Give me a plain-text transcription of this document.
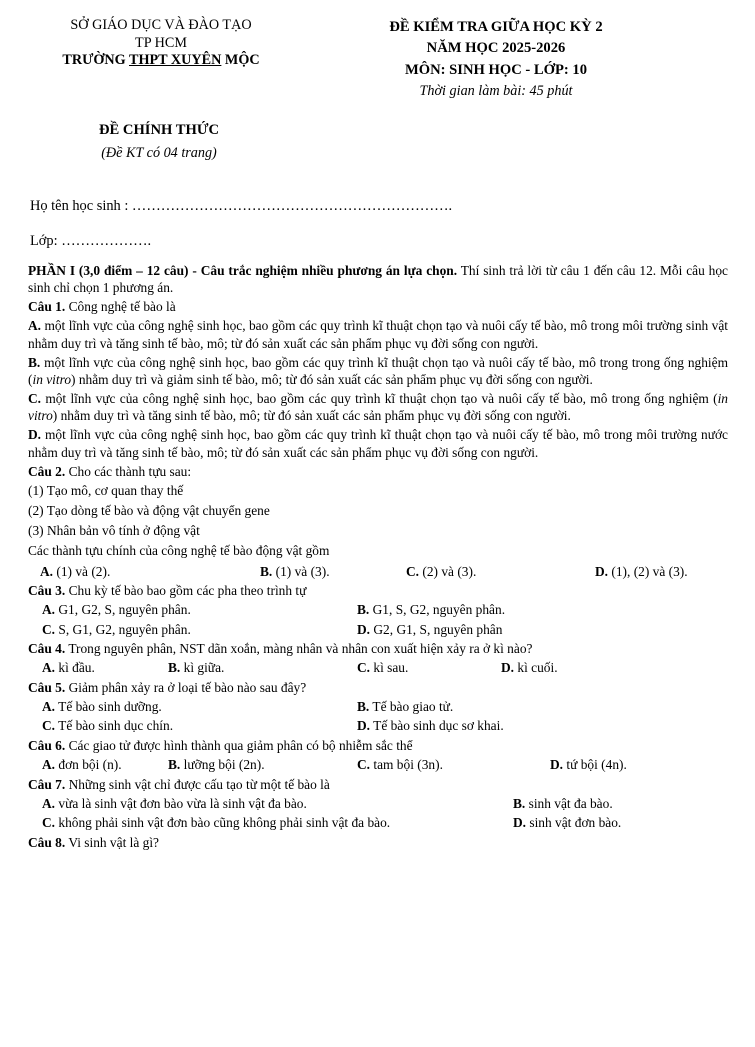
SỞ GIÁO DỤC VÀ ĐÀO TẠO
TP HCM
TRƯỜNG THPT XUYÊN MỘC
ĐỀ KIỂM TRA GIỮA HỌC KỲ 2
NĂM HỌC 2025-2026
MÔN: SINH HỌC - LỚP: 10
Thời gian làm bài: 45 phút
ĐỀ CHÍNH THỨC
(Đề KT có 04 trang)
Họ tên học sinh : ………………………………………………………….
Lớp: ……………….

PHẦN I (3,0 điểm – 12 câu) - Câu trắc nghiệm nhiều phương án lựa chọn. Thí sinh trả lời từ câu 1 đến câu 12. Mỗi câu học sinh chỉ chọn 1 phương án.

Câu 1. Công nghệ tế bào là

A. một lĩnh vực của công nghệ sinh học, bao gồm các quy trình kĩ thuật chọn tạo và nuôi cấy tế bào, mô trong môi trường sinh vật nhằm duy trì và tăng sinh tế bào, mô; từ đó sản xuất các sản phẩm phục vụ đời sống con người.

B. một lĩnh vực của công nghệ sinh học, bao gồm các quy trình kĩ thuật chọn tạo và nuôi cấy tế bào, mô trong trong ống nghiệm (in vitro) nhằm duy trì và giảm sinh tế bào, mô; từ đó sản xuất các sản phẩm phục vụ đời sống con người.

C. một lĩnh vực của công nghệ sinh học, bao gồm các quy trình kĩ thuật chọn tạo và nuôi cấy tế bào, mô trong ống nghiệm (in vitro) nhằm duy trì và tăng sinh tế bào, mô; từ đó sản xuất các sản phẩm phục vụ đời sống con người.

D. một lĩnh vực của công nghệ sinh học, bao gồm các quy trình kĩ thuật chọn tạo và nuôi cấy tế bào, mô trong môi trường nước nhằm duy trì và tăng sinh tế bào, mô; từ đó sản xuất các sản phẩm phục vụ đời sống con người.

Câu 2. Cho các thành tựu sau:

(1) Tạo mô, cơ quan thay thế

(2) Tạo dòng tế bào và động vật chuyển gene

(3) Nhân bản vô tính ở động vật

Các thành tựu chính của công nghệ tế bào động vật gồm

A. (1) và (2).	B. (1) và (3).	C. (2) và (3).	D. (1), (2) và (3).

Câu 3. Chu kỳ tế bào bao gồm các pha theo trình tự

A. G1, G2, S, nguyên phân.	B. G1, S, G2, nguyên phân.
C. S, G1, G2, nguyên phân.	D. G2, G1, S, nguyên phân

Câu 4. Trong nguyên phân, NST dãn xoắn, màng nhân và nhân con xuất hiện xảy ra ở kì nào?

A. kì đầu.	B. kì giữa.	C. kì sau.	D. kì cuối.

Câu 5. Giảm phân xảy ra ở loại tế bào nào sau đây?

A. Tế bào sinh dưỡng.	B. Tế bào giao tử.
C. Tế bào sinh dục chín.	D. Tế bào sinh dục sơ khai.

Câu 6. Các giao tử được hình thành qua giảm phân có bộ nhiễm sắc thể

A. đơn bội (n).	B. lưỡng bội (2n).	C. tam bội (3n).	D. tứ bội (4n).

Câu 7. Những sinh vật chỉ được cấu tạo từ một tế bào là

A. vừa là sinh vật đơn bào vừa là sinh vật đa bào.	B. sinh vật đa bào.
C. không phải sinh vật đơn bào cũng không phải sinh vật đa bào.	D. sinh vật đơn bào.

Câu 8. Vi sinh vật là gì?
